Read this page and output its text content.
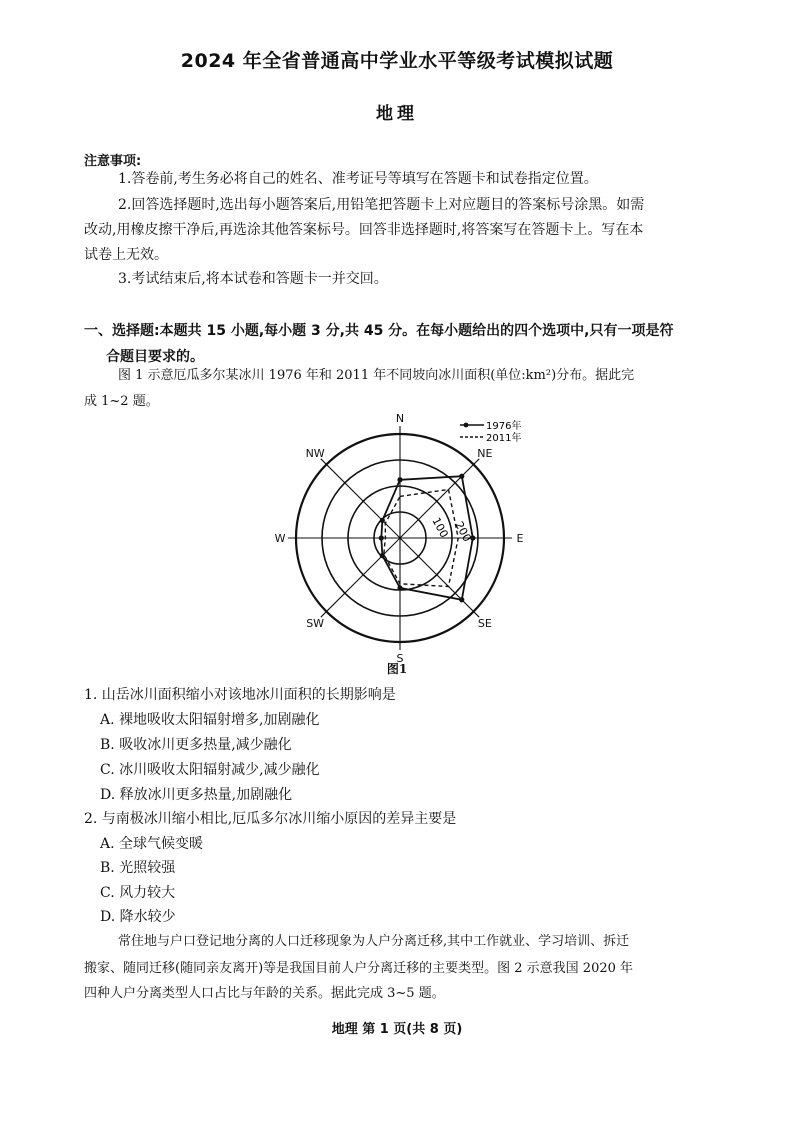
2024 年全省普通高中学业水平等级考试模拟试题
地理
注意事项:
1.答卷前,考生务必将自己的姓名、准考证号等填写在答题卡和试卷指定位置。
2.回答选择题时,选出每小题答案后,用铅笔把答题卡上对应题目的答案标号涂黑。如需
改动,用橡皮擦干净后,再选涂其他答案标号。回答非选择题时,将答案写在答题卡上。写在本
试卷上无效。
3.考试结束后,将本试卷和答题卡一并交回。
一、选择题:本题共 15 小题,每小题 3 分,共 45 分。在每小题给出的四个选项中,只有一项是符
合题目要求的。
图 1 示意厄瓜多尔某冰川 1976 年和 2011 年不同坡向冰川面积(单位:km²)分布。据此完
成 1~2 题。
N
NE
E
SE
S
SW
W
NW
200
100
1976年
2011年
图1
1. 山岳冰川面积缩小对该地冰川面积的长期影响是
A. 裸地吸收太阳辐射增多,加剧融化
B. 吸收冰川更多热量,减少融化
C. 冰川吸收太阳辐射减少,减少融化
D. 释放冰川更多热量,加剧融化
2. 与南极冰川缩小相比,厄瓜多尔冰川缩小原因的差异主要是
A. 全球气候变暖
B. 光照较强
C. 风力较大
D. 降水较少
常住地与户口登记地分离的人口迁移现象为人户分离迁移,其中工作就业、学习培训、拆迁
搬家、随同迁移(随同亲友离开)等是我国目前人户分离迁移的主要类型。图 2 示意我国 2020 年
四种人户分离类型人口占比与年龄的关系。据此完成 3~5 题。
地理 第 1 页(共 8 页)
